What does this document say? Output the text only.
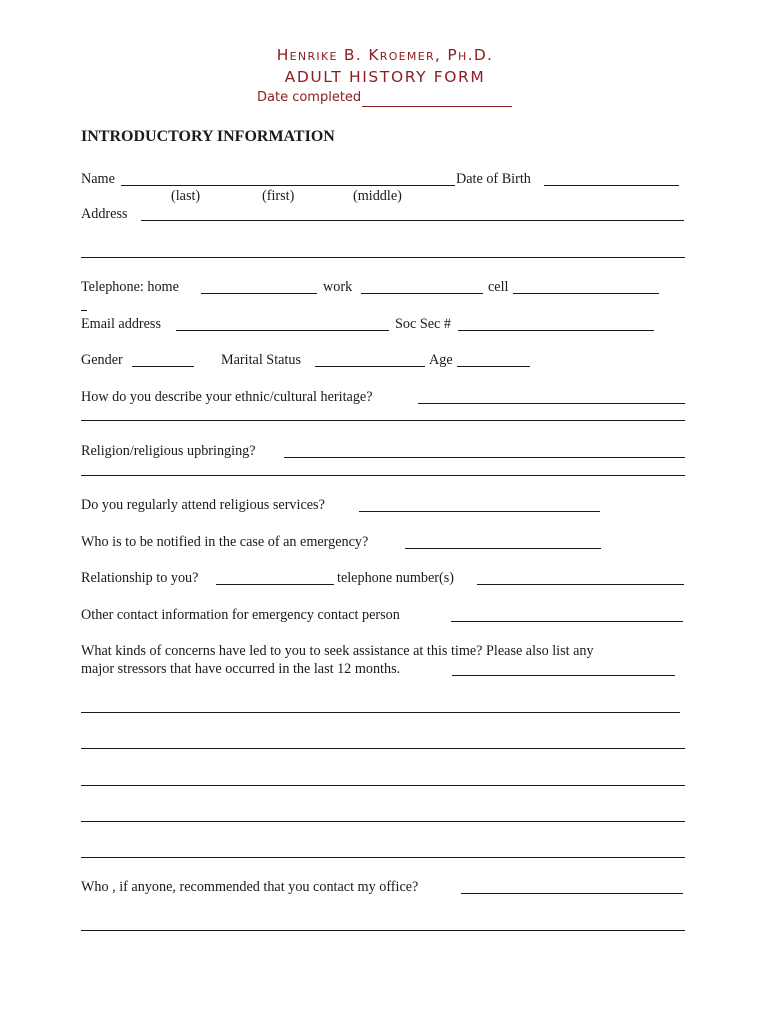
Henrike B. Kroemer, Ph.D.
ADULT HISTORY FORM
Date completed
INTRODUCTORY INFORMATION
Name	Date of Birth
(last)	(first)	(middle)
Address
Telephone: home	work	cell
Email address	Soc Sec #
Gender	Marital Status	Age
How do you describe your ethnic/cultural heritage?
Religion/religious upbringing?
Do you regularly attend religious services?
Who is to be notified in the case of an emergency?
Relationship to you?	telephone number(s)
Other contact information for emergency contact person
What kinds of concerns have led to you to seek assistance at this time? Please also list any
major stressors that have occurred in the last 12 months.
Who , if anyone, recommended that you contact my office?
